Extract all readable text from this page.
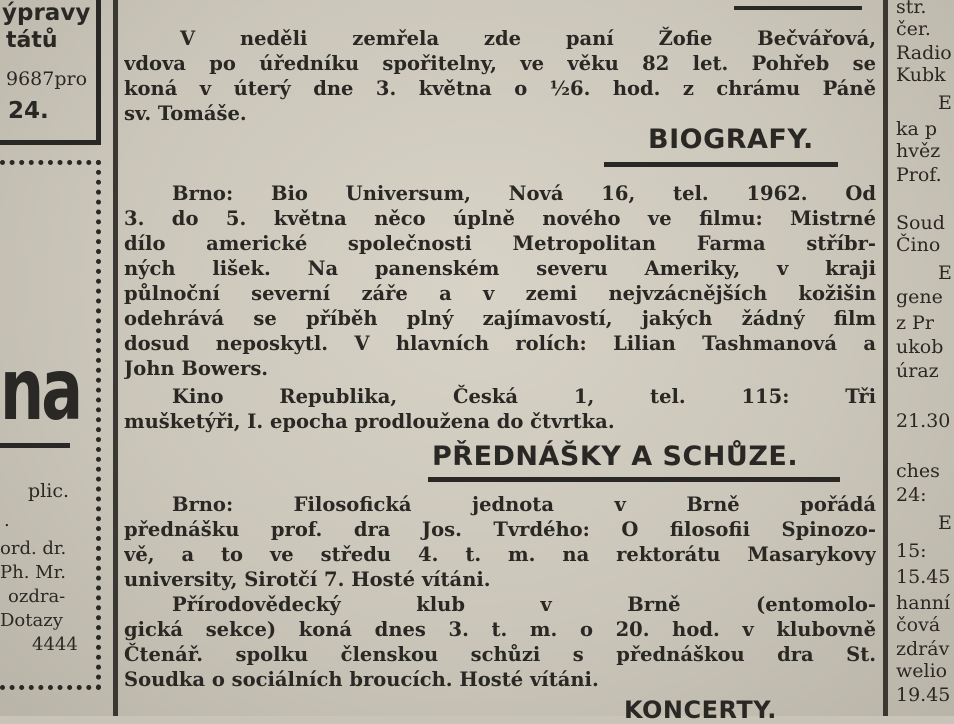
ýpravy
tátů
9687pro
24.
na
plic.
.
ord. dr.
Ph. Mr.
ozdra-
Dotazy
4444
V neděli zemřela zde paní Žofie Bečvářová,
vdova po úředníku spořitelny, ve věku 82 let. Pohřeb se
koná v úterý dne 3. května o ½6. hod. z chrámu Páně
sv. Tomáše.
BIOGRAFY.
Brno: Bio Universum, Nová 16, tel. 1962. Od
3. do 5. května něco úplně nového ve filmu: Mistrné
dílo americké společnosti Metropolitan Farma stříbr-
ných lišek. Na panenském severu Ameriky, v kraji
půlnoční severní záře a v zemi nejvzácnějších kožišin
odehrává se příběh plný zajímavostí, jakých žádný film
dosud neposkytl. V hlavních rolích: Lilian Tashmanová a
John Bowers.
Kino Republika, Česká 1, tel. 115: Tři
mušketýři, I. epocha prodloužena do čtvrtka.
PŘEDNÁŠKY A SCHŮZE.
Brno: Filosofická jednota v Brně pořádá
přednášku prof. dra Jos. Tvrdého: O filosofii Spinozo-
vě, a to ve středu 4. t. m. na rektorátu Masarykovy
university, Sirotčí 7. Hosté vítáni.
Přírodovědecký klub v Brně (entomolo-
gická sekce) koná dnes 3. t. m. o 20. hod. v klubovně
Čtenář. spolku členskou schůzi s přednáškou dra St.
Soudka o sociálních broucích. Hosté vítáni.
KONCERTY.
str.
čer.
Radio
Kubk
E
ka p
hvěz
Prof.
Soud
Čino
E
gene
z Pr
ukob
úraz
21.30
ches
24:
E
15:
15.45
hanní
čová
zdráv
welio
19.45
